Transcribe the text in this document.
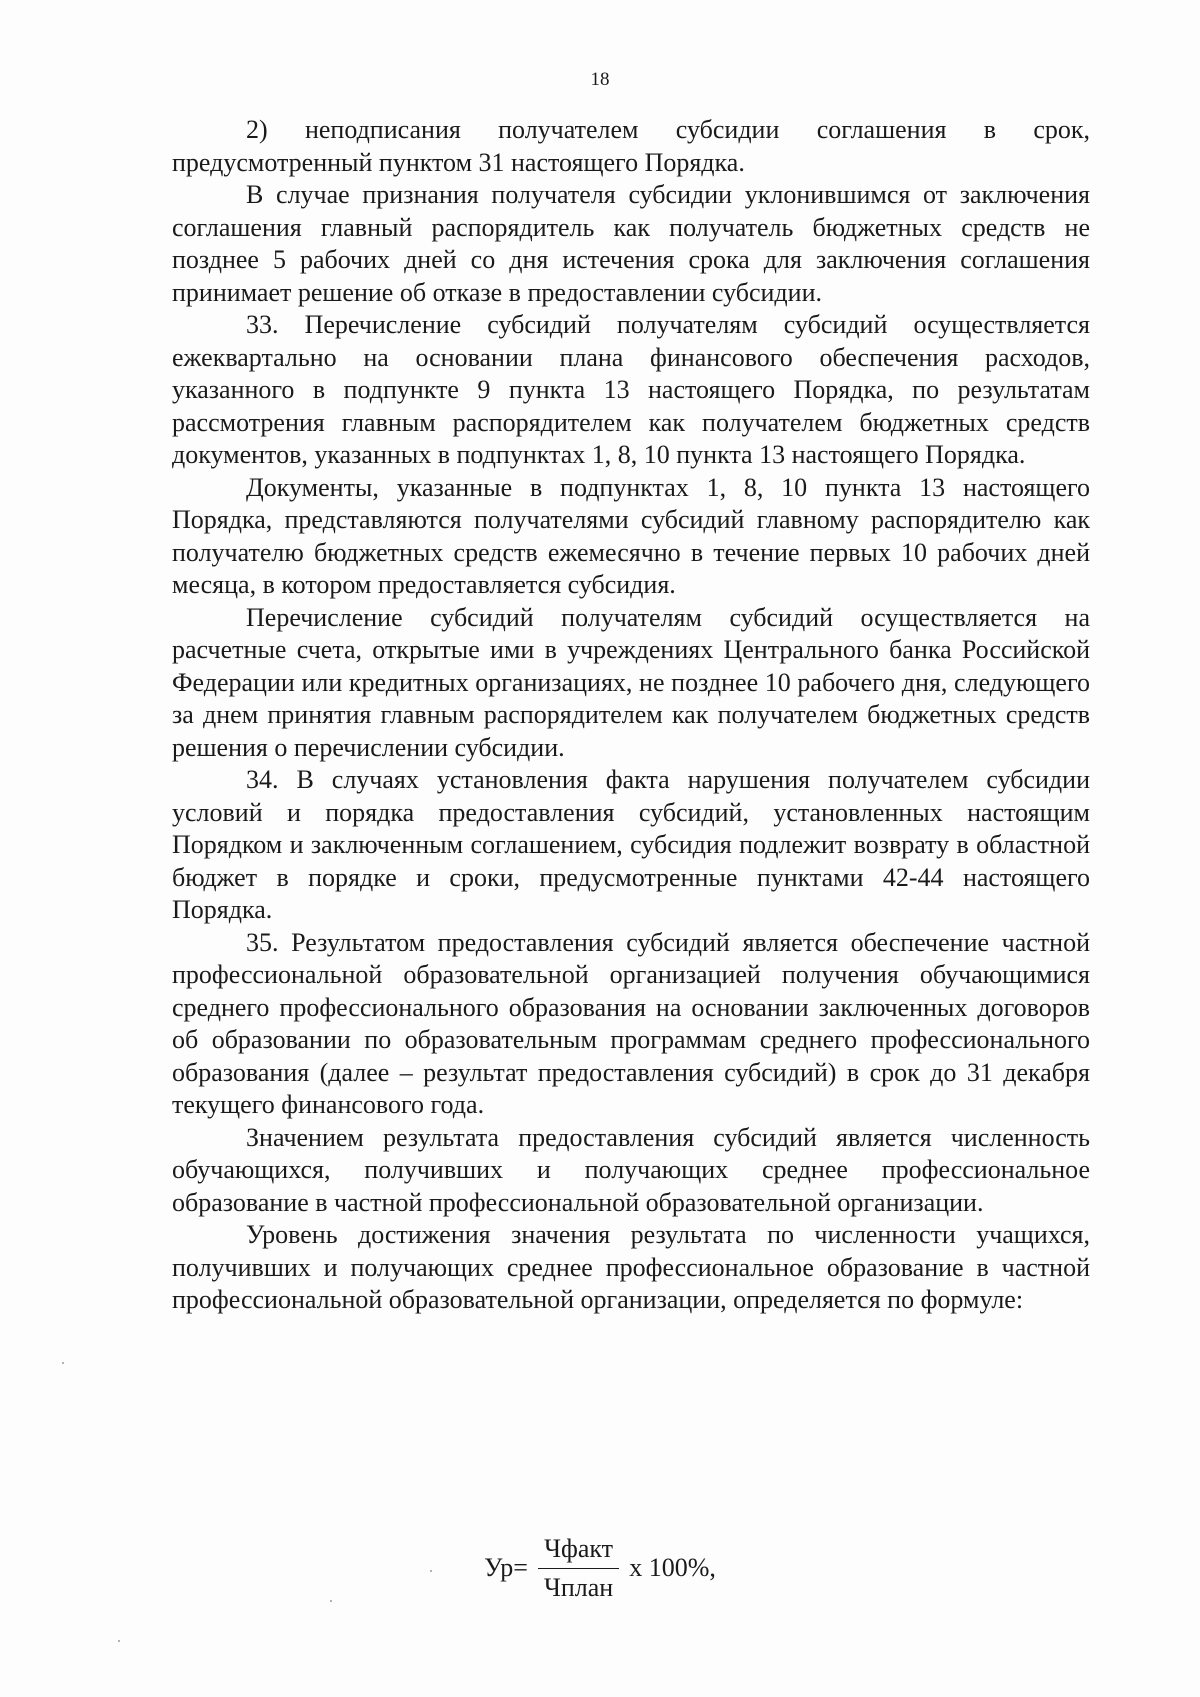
18

2) неподписания получателем субсидии соглашения в срок, предусмотренный пунктом 31 настоящего Порядка.

В случае признания получателя субсидии уклонившимся от заключения соглашения главный распорядитель как получатель бюджетных средств не позднее 5 рабочих дней со дня истечения срока для заключения соглашения принимает решение об отказе в предоставлении субсидии.

33. Перечисление субсидий получателям субсидий осуществляется ежеквартально на основании плана финансового обеспечения расходов, указанного в подпункте 9 пункта 13 настоящего Порядка, по результатам рассмотрения главным распорядителем как получателем бюджетных средств документов, указанных в подпунктах 1, 8, 10 пункта 13 настоящего Порядка.

Документы, указанные в подпунктах 1, 8, 10 пункта 13 настоящего Порядка, представляются получателями субсидий главному распорядителю как получателю бюджетных средств ежемесячно в течение первых 10 рабочих дней месяца, в котором предоставляется субсидия.

Перечисление субсидий получателям субсидий осуществляется на расчетные счета, открытые ими в учреждениях Центрального банка Российской Федерации или кредитных организациях, не позднее 10 рабочего дня, следующего за днем принятия главным распорядителем как получателем бюджетных средств решения о перечислении субсидии.

34. В случаях установления факта нарушения получателем субсидии условий и порядка предоставления субсидий, установленных настоящим Порядком и заключенным соглашением, субсидия подлежит возврату в областной бюджет в порядке и сроки, предусмотренные пунктами 42-44 настоящего Порядка.

35. Результатом предоставления субсидий является обеспечение частной профессиональной образовательной организацией получения обучающимися среднего профессионального образования на основании заключенных договоров об образовании по образовательным программам среднего профессионального образования (далее – результат предоставления субсидий) в срок до 31 декабря текущего финансового года.

Значением результата предоставления субсидий является численность обучающихся, получивших и получающих среднее профессиональное образование в частной профессиональной образовательной организации.

Уровень достижения значения результата по численности учащихся, получивших и получающих среднее профессиональное образование в частной профессиональной образовательной организации, определяется по формуле:

$Ур= \frac{\text{Чфакт}}{\text{Чплан}}$ х 100%,
